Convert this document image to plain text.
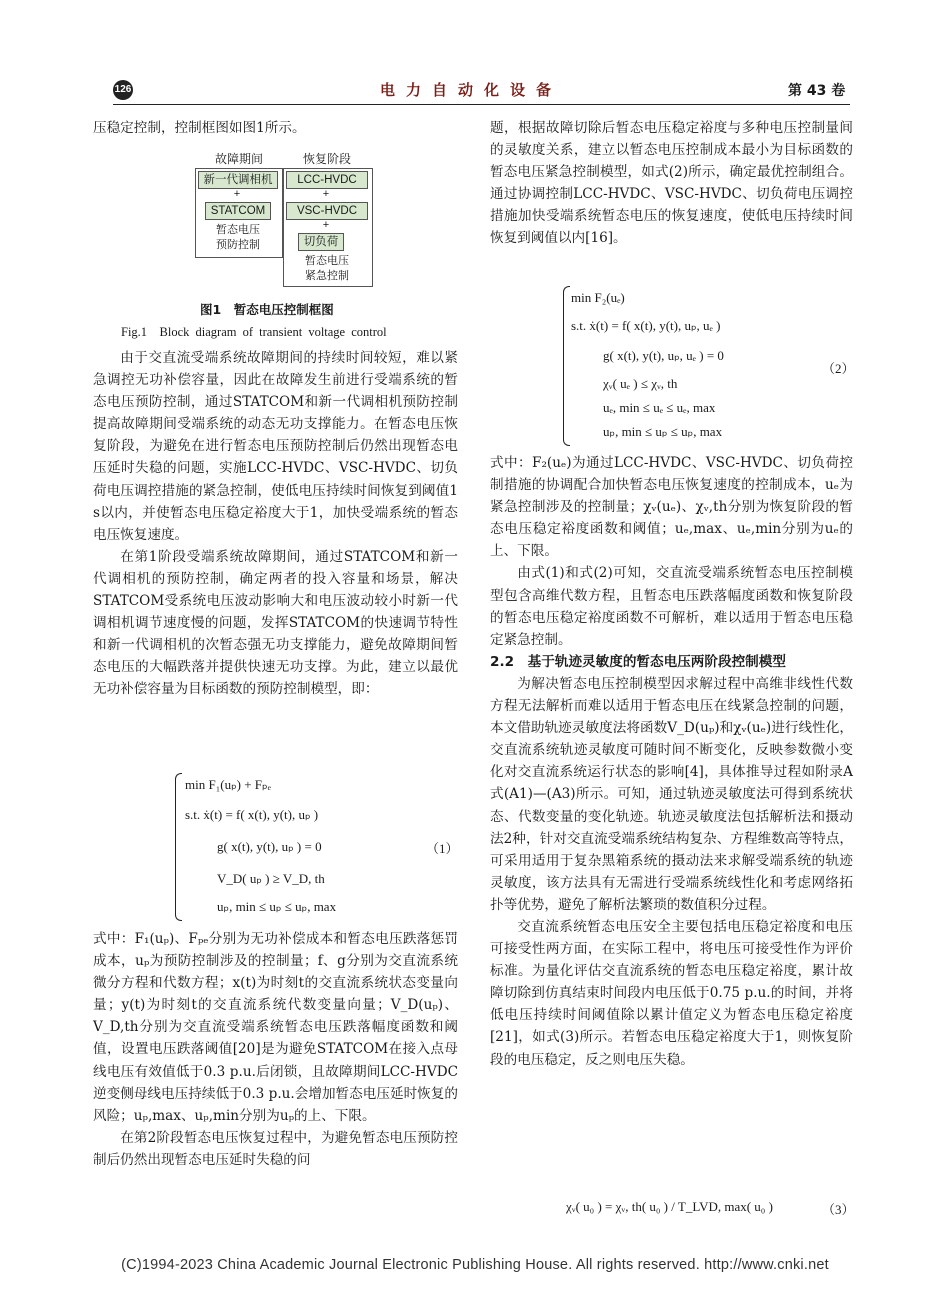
126	电力自动化设备	第 43 卷

压稳定控制，控制框图如图1所示。

故障期间	恢复阶段
新一代调相机
+
STATCOM
暂态电压
预防控制
LCC-HVDC
+
VSC-HVDC
+
切负荷
暂态电压
紧急控制
图1　暂态电压控制框图
Fig.1　Block diagram of transient voltage control

由于交直流受端系统故障期间的持续时间较短，难以紧急调控无功补偿容量，因此在故障发生前进行受端系统的暂态电压预防控制，通过STATCOM和新一代调相机预防控制提高故障期间受端系统的动态无功支撑能力。在暂态电压恢复阶段，为避免在进行暂态电压预防控制后仍然出现暂态电压延时失稳的问题，实施LCC-HVDC、VSC-HVDC、切负荷电压调控措施的紧急控制，使低电压持续时间恢复到阈值1 s以内，并使暂态电压稳定裕度大于1，加快受端系统的暂态电压恢复速度。

在第1阶段受端系统故障期间，通过STATCOM和新一代调相机的预防控制，确定两者的投入容量和场景，解决STATCOM受系统电压波动影响大和电压波动较小时新一代调相机调节速度慢的问题，发挥STATCOM的快速调节特性和新一代调相机的次暂态强无功支撑能力，避免故障期间暂态电压的大幅跌落并提供快速无功支撑。为此，建立以最优无功补偿容量为目标函数的预防控制模型，即：

min F₁(uₚ) + Fₚₑ
s.t. ẋ(t) = f( x(t), y(t), uₚ )
g( x(t), y(t), uₚ ) = 0
V_D( uₚ ) ≥ V_D, th
uₚ, min ≤ uₚ ≤ uₚ, max
（1）

式中：F₁(uₚ)、Fₚₑ分别为无功补偿成本和暂态电压跌落惩罚成本，uₚ为预防控制涉及的控制量；f、g分别为交直流系统微分方程和代数方程；x(t)为时刻t的交直流系统状态变量向量；y(t)为时刻t的交直流系统代数变量向量；V_D(uₚ)、V_D,th分别为交直流受端系统暂态电压跌落幅度函数和阈值，设置电压跌落阈值[20]是为避免STATCOM在接入点母线电压有效值低于0.3 p.u.后闭锁，且故障期间LCC-HVDC逆变侧母线电压持续低于0.3 p.u.会增加暂态电压延时恢复的风险；uₚ,max、uₚ,min分别为uₚ的上、下限。

在第2阶段暂态电压恢复过程中，为避免暂态电压预防控制后仍然出现暂态电压延时失稳的问

题，根据故障切除后暂态电压稳定裕度与多种电压控制量间的灵敏度关系，建立以暂态电压控制成本最小为目标函数的暂态电压紧急控制模型，如式(2)所示，确定最优控制组合。通过协调控制LCC-HVDC、VSC-HVDC、切负荷电压调控措施加快受端系统暂态电压的恢复速度，使低电压持续时间恢复到阈值以内[16]。

min F₂(uₑ)
s.t. ẋ(t) = f( x(t), y(t), uₚ, uₑ )
g( x(t), y(t), uₚ, uₑ ) = 0
χᵥ( uₑ ) ≤ χᵥ, th
uₑ, min ≤ uₑ ≤ uₑ, max
uₚ, min ≤ uₚ ≤ uₚ, max
（2）

式中：F₂(uₑ)为通过LCC-HVDC、VSC-HVDC、切负荷控制措施的协调配合加快暂态电压恢复速度的控制成本，uₑ为紧急控制涉及的控制量；χᵥ(uₑ)、χᵥ,th分别为恢复阶段的暂态电压稳定裕度函数和阈值；uₑ,max、uₑ,min分别为uₑ的上、下限。

由式(1)和式(2)可知，交直流受端系统暂态电压控制模型包含高维代数方程，且暂态电压跌落幅度函数和恢复阶段的暂态电压稳定裕度函数不可解析，难以适用于暂态电压稳定紧急控制。

2.2　基于轨迹灵敏度的暂态电压两阶段控制模型

为解决暂态电压控制模型因求解过程中高维非线性代数方程无法解析而难以适用于暂态电压在线紧急控制的问题，本文借助轨迹灵敏度法将函数V_D(uₚ)和χᵥ(uₑ)进行线性化，交直流系统轨迹灵敏度可随时间不断变化，反映参数微小变化对交直流系统运行状态的影响[4]，具体推导过程如附录A式(A1)—(A3)所示。可知，通过轨迹灵敏度法可得到系统状态、代数变量的变化轨迹。轨迹灵敏度法包括解析法和摄动法2种，针对交直流受端系统结构复杂、方程维数高等特点，可采用适用于复杂黑箱系统的摄动法来求解受端系统的轨迹灵敏度，该方法具有无需进行受端系统线性化和考虑网络拓扑等优势，避免了解析法繁琐的数值积分过程。

交直流系统暂态电压安全主要包括电压稳定裕度和电压可接受性两方面，在实际工程中，将电压可接受性作为评价标准。为量化评估交直流系统的暂态电压稳定裕度，累计故障切除到仿真结束时间段内电压低于0.75 p.u.的时间，并将低电压持续时间阈值除以累计值定义为暂态电压稳定裕度[21]，如式(3)所示。若暂态电压稳定裕度大于1，则恢复阶段的电压稳定，反之则电压失稳。

χᵥ( u₀ ) = χᵥ, th( u₀ ) / T_LVD, max( u₀ )	（3）
(C)1994-2023 China Academic Journal Electronic Publishing House. All rights reserved. http://www.cnki.net
